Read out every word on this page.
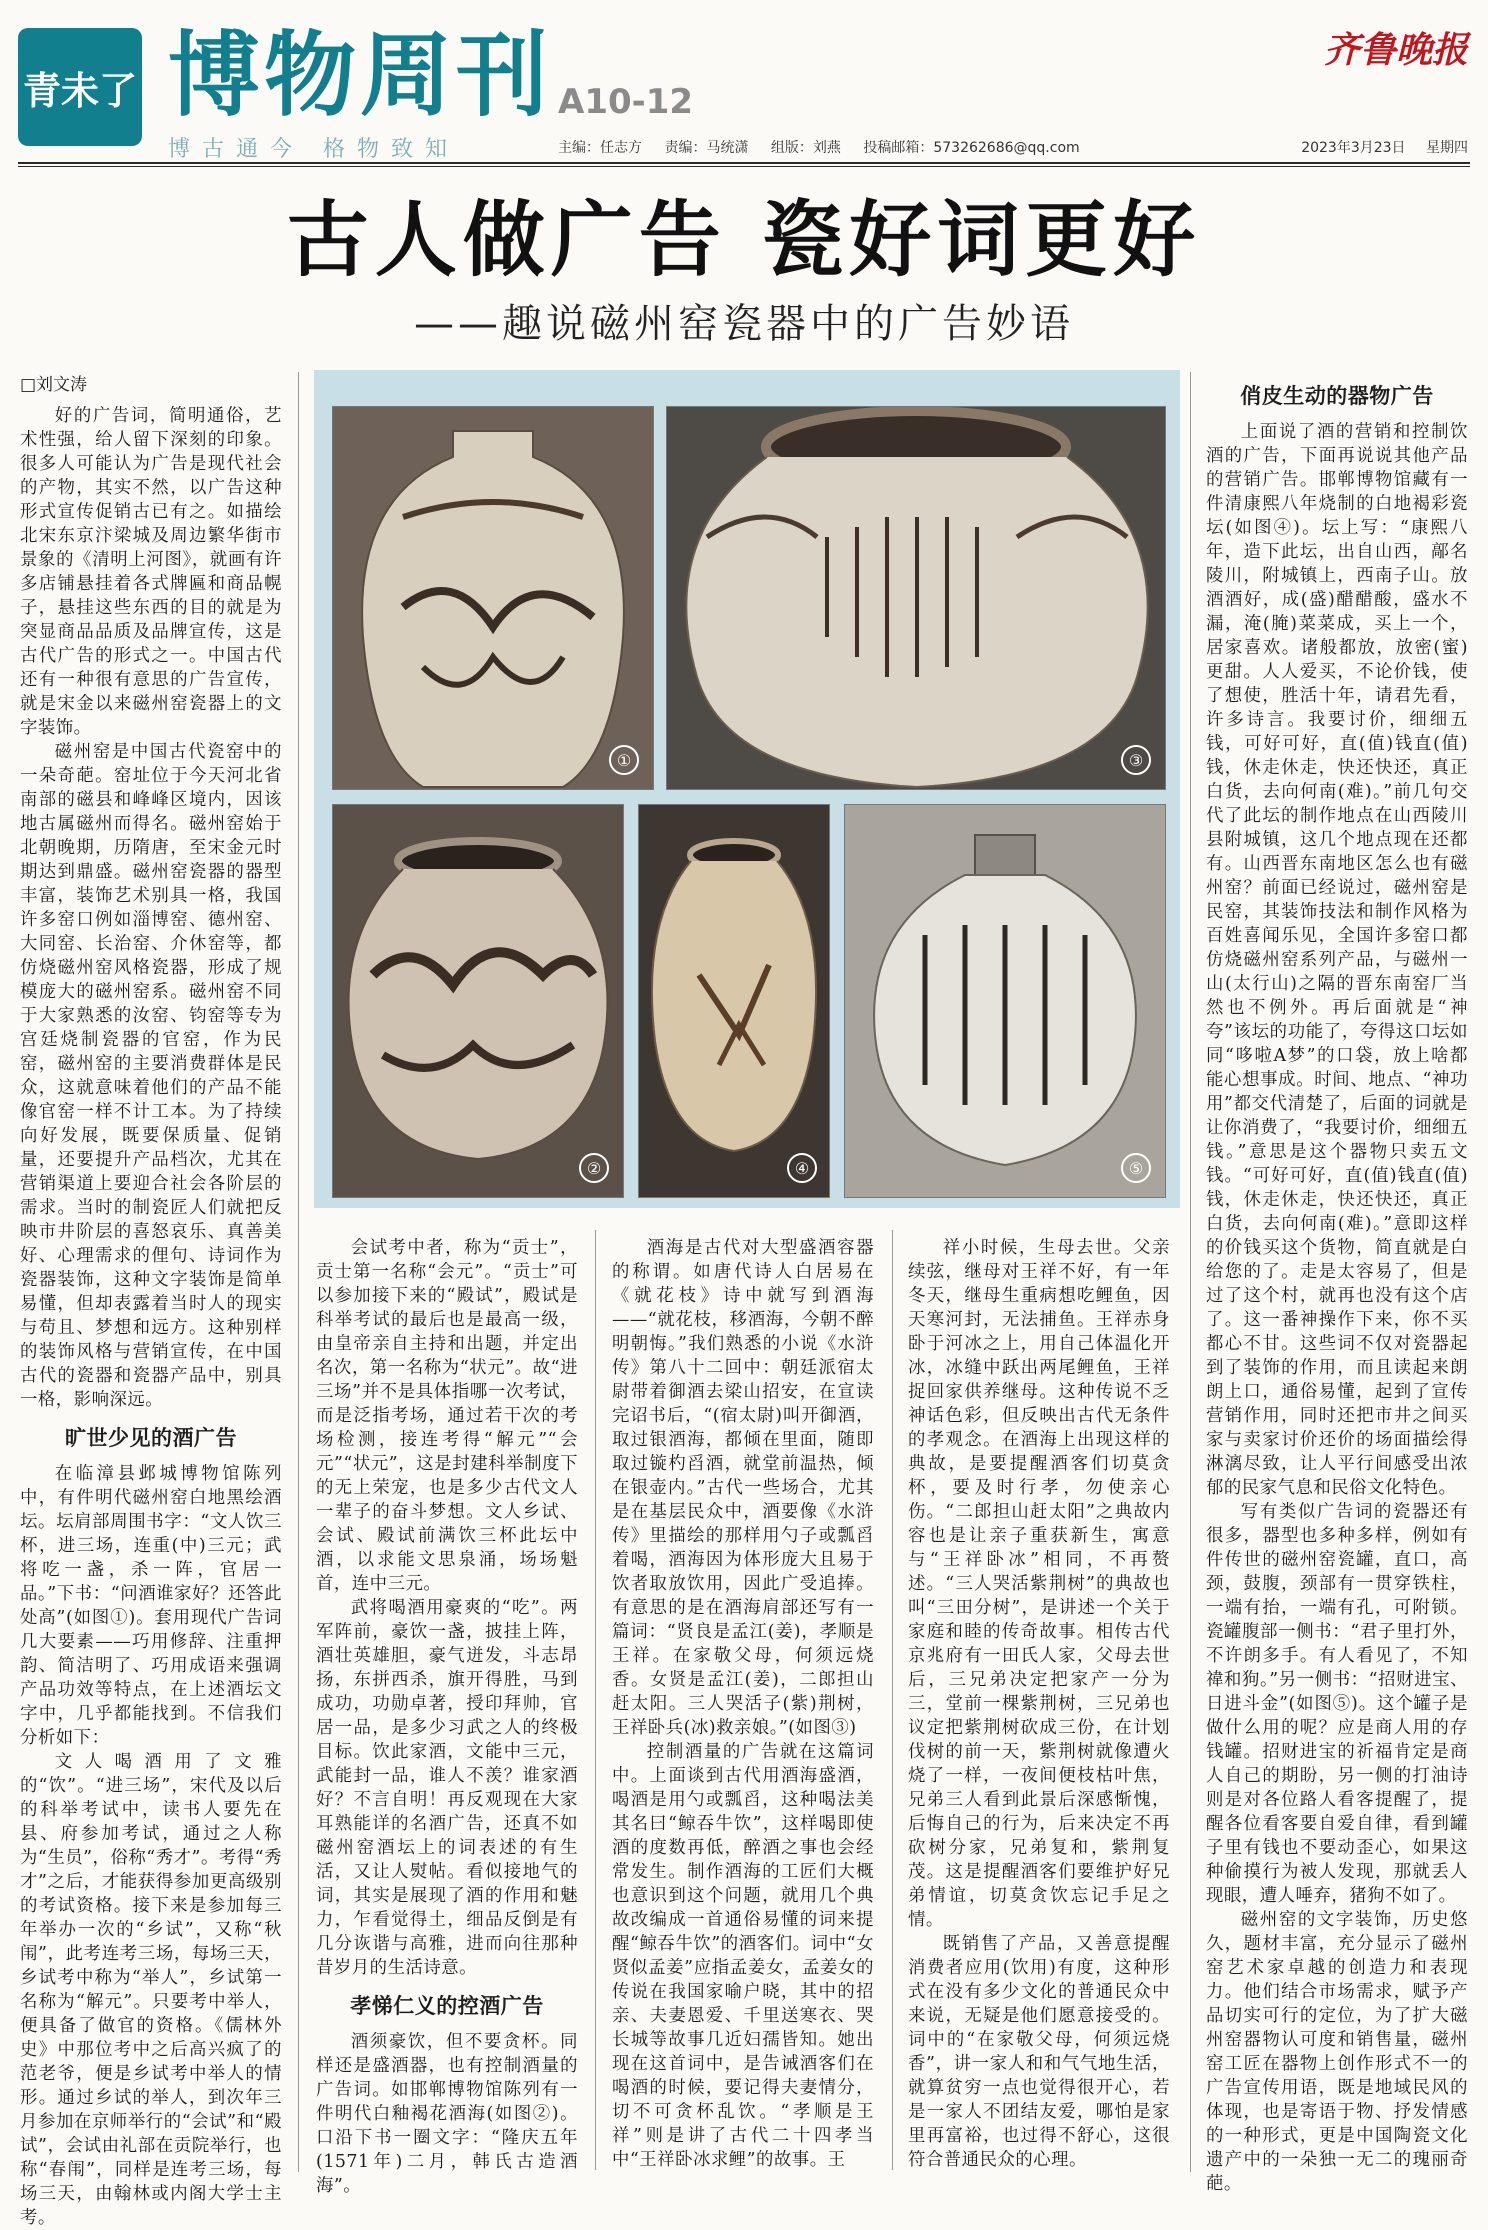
青未了 博物周刊 A10-12
齐鲁晚报
博古通今 格物致知	主编：任志方 责编：马统潇 组版：刘燕 投稿邮箱：573262686@qq.com	2023年3月23日 星期四
古人做广告 瓷好词更好
——趣说磁州窑瓷器中的广告妙语
□刘文涛
①	③
②	④	⑤

好的广告词，简明通俗，艺术性强，给人留下深刻的印象。很多人可能认为广告是现代社会的产物，其实不然，以广告这种形式宣传促销古已有之。如描绘北宋东京汴梁城及周边繁华街市景象的《清明上河图》，就画有许多店铺悬挂着各式牌匾和商品幌子，悬挂这些东西的目的就是为突显商品品质及品牌宣传，这是古代广告的形式之一。中国古代还有一种很有意思的广告宣传，就是宋金以来磁州窑瓷器上的文字装饰。

磁州窑是中国古代瓷窑中的一朵奇葩。窑址位于今天河北省南部的磁县和峰峰区境内，因该地古属磁州而得名。磁州窑始于北朝晚期，历隋唐，至宋金元时期达到鼎盛。磁州窑瓷器的器型丰富，装饰艺术别具一格，我国许多窑口例如淄博窑、德州窑、大同窑、长治窑、介休窑等，都仿烧磁州窑风格瓷器，形成了规模庞大的磁州窑系。磁州窑不同于大家熟悉的汝窑、钧窑等专为宫廷烧制瓷器的官窑，作为民窑，磁州窑的主要消费群体是民众，这就意味着他们的产品不能像官窑一样不计工本。为了持续向好发展，既要保质量、促销量，还要提升产品档次，尤其在营销渠道上要迎合社会各阶层的需求。当时的制瓷匠人们就把反映市井阶层的喜怒哀乐、真善美好、心理需求的俚句、诗词作为瓷器装饰，这种文字装饰是简单易懂，但却表露着当时人的现实与苟且、梦想和远方。这种别样的装饰风格与营销宣传，在中国古代的瓷器和瓷器产品中，别具一格，影响深远。

旷世少见的酒广告

在临漳县邺城博物馆陈列中，有件明代磁州窑白地黑绘酒坛。坛肩部周围书字：“文人饮三杯，进三场，连重(中)三元；武将吃一盏，杀一阵，官居一品。”下书：“问酒谁家好？还答此处高”(如图①)。套用现代广告词几大要素——巧用修辞、注重押韵、简洁明了、巧用成语来强调产品功效等特点，在上述酒坛文字中，几乎都能找到。不信我们分析如下：

文人喝酒用了文雅的“饮”。“进三场”，宋代及以后的科举考试中，读书人要先在县、府参加考试，通过之人称为“生员”，俗称“秀才”。考得“秀才”之后，才能获得参加更高级别的考试资格。接下来是参加每三年举办一次的“乡试”，又称“秋闱”，此考连考三场，每场三天，乡试考中称为“举人”，乡试第一名称为“解元”。只要考中举人，便具备了做官的资格。《儒林外史》中那位考中之后高兴疯了的范老爷，便是乡试考中举人的情形。通过乡试的举人，到次年三月参加在京师举行的“会试”和“殿试”，会试由礼部在贡院举行，也称“春闱”，同样是连考三场，每场三天，由翰林或内阁大学士主考。

会试考中者，称为“贡士”，贡士第一名称“会元”。“贡士”可以参加接下来的“殿试”，殿试是科举考试的最后也是最高一级，由皇帝亲自主持和出题，并定出名次，第一名称为“状元”。故“进三场”并不是具体指哪一次考试，而是泛指考场，通过若干次的考场检测，接连考得“解元”“会元”“状元”，这是封建科举制度下的无上荣宠，也是多少古代文人一辈子的奋斗梦想。文人乡试、会试、殿试前满饮三杯此坛中酒，以求能文思泉涌，场场魁首，连中三元。

武将喝酒用豪爽的“吃”。两军阵前，豪饮一盏，披挂上阵，酒壮英雄胆，豪气迸发，斗志昂扬，东拼西杀，旗开得胜，马到成功，功勋卓著，授印拜帅，官居一品，是多少习武之人的终极目标。饮此家酒，文能中三元，武能封一品，谁人不羡？谁家酒好？不言自明！再反观现在大家耳熟能详的名酒广告，还真不如磁州窑酒坛上的词表述的有生活，又让人熨帖。看似接地气的词，其实是展现了酒的作用和魅力，乍看觉得土，细品反倒是有几分诙谐与高雅，进而向往那种昔岁月的生活诗意。

孝悌仁义的控酒广告

酒须豪饮，但不要贪杯。同样还是盛酒器，也有控制酒量的广告词。如邯郸博物馆陈列有一件明代白釉褐花酒海(如图②)。口沿下书一圈文字：“隆庆五年(1571年)二月，韩氏古造酒海”。

酒海是古代对大型盛酒容器的称谓。如唐代诗人白居易在《就花枝》诗中就写到酒海——“就花枝，移酒海，今朝不醉明朝悔。”我们熟悉的小说《水浒传》第八十二回中：朝廷派宿太尉带着御酒去梁山招安，在宣读完诏书后，“(宿太尉)叫开御酒，取过银酒海，都倾在里面，随即取过镟杓舀酒，就堂前温热，倾在银壶内。”古代一些场合，尤其是在基层民众中，酒要像《水浒传》里描绘的那样用勺子或瓢舀着喝，酒海因为体形庞大且易于饮者取放饮用，因此广受追捧。有意思的是在酒海肩部还写有一篇词：“贤良是孟江(姜)，孝顺是王祥。在家敬父母，何须远烧香。女贤是孟江(姜)，二郎担山赶太阳。三人哭活子(紫)荆树，王祥卧兵(冰)救亲娘。”(如图③)

控制酒量的广告就在这篇词中。上面谈到古代用酒海盛酒，喝酒是用勺或瓢舀，这种喝法美其名曰“鲸吞牛饮”，这样喝即使酒的度数再低，醉酒之事也会经常发生。制作酒海的工匠们大概也意识到这个问题，就用几个典故改编成一首通俗易懂的词来提醒“鲸吞牛饮”的酒客们。词中“女贤似孟姜”应指孟姜女，孟姜女的传说在我国家喻户晓，其中的招亲、夫妻恩爱、千里送寒衣、哭长城等故事几近妇孺皆知。她出现在这首词中，是告诫酒客们在喝酒的时候，要记得夫妻情分，切不可贪杯乱饮。“孝顺是王祥”则是讲了古代二十四孝当中“王祥卧冰求鲤”的故事。王

祥小时候，生母去世。父亲续弦，继母对王祥不好，有一年冬天，继母生重病想吃鲤鱼，因天寒河封，无法捕鱼。王祥赤身卧于河冰之上，用自己体温化开冰，冰缝中跃出两尾鲤鱼，王祥捉回家供养继母。这种传说不乏神话色彩，但反映出古代无条件的孝观念。在酒海上出现这样的典故，是要提醒酒客们切莫贪杯，要及时行孝，勿使亲心伤。“二郎担山赶太阳”之典故内容也是让亲子重获新生，寓意与“王祥卧冰”相同，不再赘述。“三人哭活紫荆树”的典故也叫“三田分树”，是讲述一个关于家庭和睦的传奇故事。相传古代京兆府有一田氏人家，父母去世后，三兄弟决定把家产一分为三，堂前一棵紫荆树，三兄弟也议定把紫荆树砍成三份，在计划伐树的前一天，紫荆树就像遭火烧了一样，一夜间便枝枯叶焦，兄弟三人看到此景后深感惭愧，后悔自己的行为，后来决定不再砍树分家，兄弟复和，紫荆复茂。这是提醒酒客们要维护好兄弟情谊，切莫贪饮忘记手足之情。

既销售了产品，又善意提醒消费者应用(饮用)有度，这种形式在没有多少文化的普通民众中来说，无疑是他们愿意接受的。词中的“在家敬父母，何须远烧香”，讲一家人和和气气地生活，就算贫穷一点也觉得很开心，若是一家人不团结友爱，哪怕是家里再富裕，也过得不舒心，这很符合普通民众的心理。

俏皮生动的器物广告

上面说了酒的营销和控制饮酒的广告，下面再说说其他产品的营销广告。邯郸博物馆藏有一件清康熙八年烧制的白地褐彩瓷坛(如图④)。坛上写：“康熙八年，造下此坛，出自山西，鄗名陵川，附城镇上，西南子山。放酒酒好，成(盛)醋醋酸，盛水不漏，淹(腌)菜菜成，买上一个，居家喜欢。诸般都放，放密(蜜)更甜。人人爱买，不论价钱，使了想使，胜活十年，请君先看，许多诗言。我要讨价，细细五钱，可好可好，直(值)钱直(值)钱，休走休走，快还快还，真正白货，去向何南(难)。”前几句交代了此坛的制作地点在山西陵川县附城镇，这几个地点现在还都有。山西晋东南地区怎么也有磁州窑？前面已经说过，磁州窑是民窑，其装饰技法和制作风格为百姓喜闻乐见，全国许多窑口都仿烧磁州窑系列产品，与磁州一山(太行山)之隔的晋东南窑厂当然也不例外。再后面就是“神夸”该坛的功能了，夸得这口坛如同“哆啦A梦”的口袋，放上啥都能心想事成。时间、地点、“神功用”都交代清楚了，后面的词就是让你消费了，“我要讨价，细细五钱。”意思是这个器物只卖五文钱。“可好可好，直(值)钱直(值)钱，休走休走，快还快还，真正白货，去向何南(难)。”意即这样的价钱买这个货物，简直就是白给您的了。走是太容易了，但是过了这个村，就再也没有这个店了。这一番神操作下来，你不买都心不甘。这些词不仅对瓷器起到了装饰的作用，而且读起来朗朗上口，通俗易懂，起到了宣传营销作用，同时还把市井之间买家与卖家讨价还价的场面描绘得淋漓尽致，让人平行间感受出浓郁的民家气息和民俗文化特色。

写有类似广告词的瓷器还有很多，器型也多种多样，例如有件传世的磁州窑瓷罐，直口，高颈，鼓腹，颈部有一贯穿铁柱，一端有抬，一端有孔，可附锁。瓷罐腹部一侧书：“君子里打外，不许朗多手。有人看见了，不知禕和狗。”另一侧书：“招财进宝、日进斗金”(如图⑤)。这个罐子是做什么用的呢？应是商人用的存钱罐。招财进宝的祈福肯定是商人自己的期盼，另一侧的打油诗则是对各位路人看客提醒了，提醒各位看客要自爱自律，看到罐子里有钱也不要动歪心，如果这种偷摸行为被人发现，那就丢人现眼，遭人唾弃，猪狗不如了。

磁州窑的文字装饰，历史悠久，题材丰富，充分显示了磁州窑艺术家卓越的创造力和表现力。他们结合市场需求，赋予产品切实可行的定位，为了扩大磁州窑器物认可度和销售量，磁州窑工匠在器物上创作形式不一的广告宣传用语，既是地域民风的体现，也是寄语于物、抒发情感的一种形式，更是中国陶瓷文化遗产中的一朵独一无二的瑰丽奇葩。
